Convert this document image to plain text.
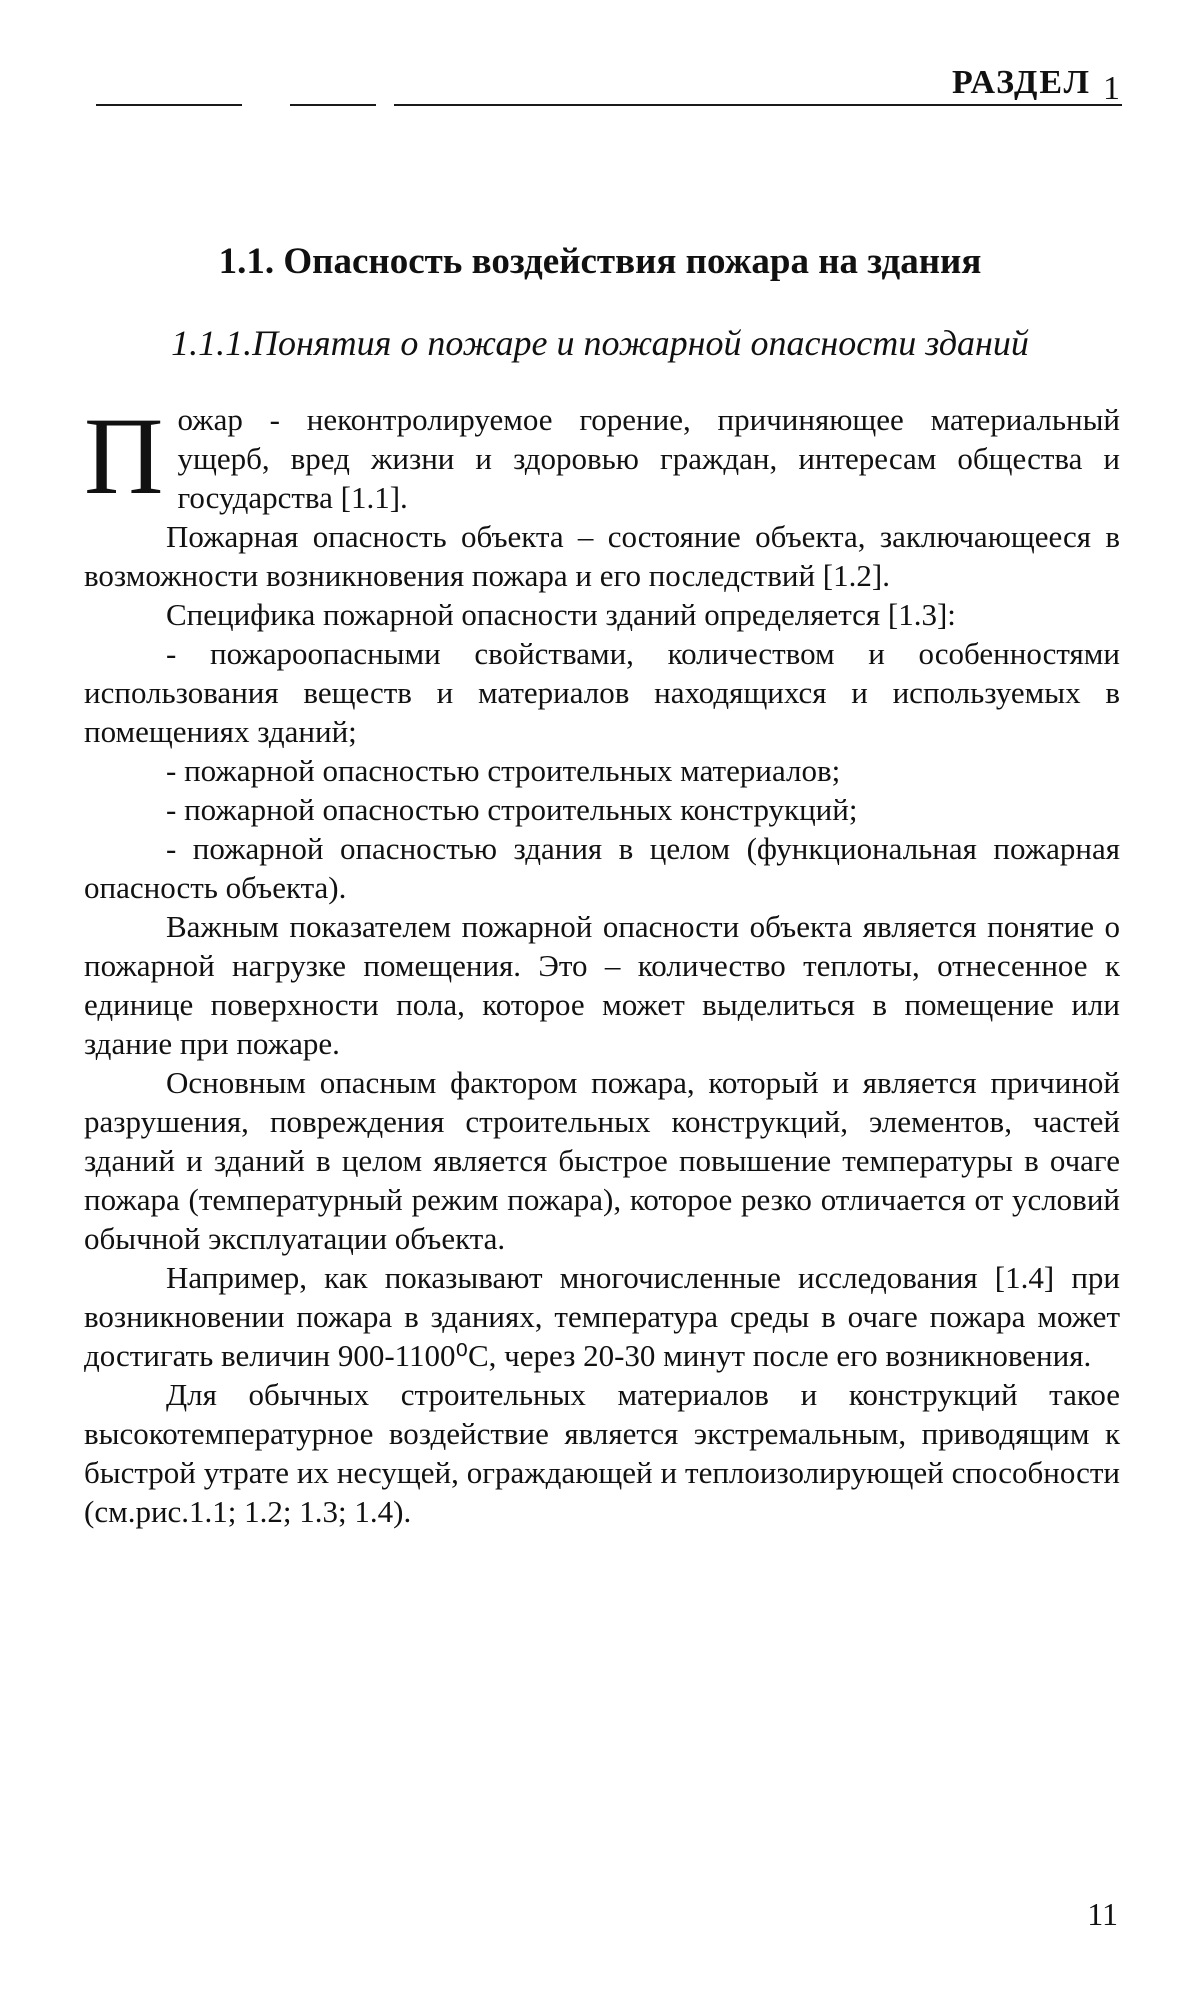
РАЗДЕЛ 1
1.1. Опасность воздействия пожара на здания
1.1.1.Понятия о пожаре и пожарной опасности зданий

Пожар - неконтролируемое горение, причиняющее материальный ущерб, вред жизни и здоровью граждан, интересам общества и государства [1.1].

Пожарная опасность объекта – состояние объекта, заключающееся в возможности возникновения пожара и его последствий [1.2].

Специфика пожарной опасности зданий определяется [1.3]:

- пожароопасными свойствами, количеством и особенностями использования веществ и материалов находящихся и используемых в помещениях зданий;

- пожарной опасностью строительных материалов;

- пожарной опасностью строительных конструкций;

- пожарной опасностью здания в целом (функциональная пожарная опасность объекта).

Важным показателем пожарной опасности объекта является понятие о пожарной нагрузке помещения. Это – количество теплоты, отнесенное к единице поверхности пола, которое может выделиться в помещение или здание при пожаре.

Основным опасным фактором пожара, который и является причиной разрушения, повреждения строительных конструкций, элементов, частей зданий и зданий в целом является быстрое повышение температуры в очаге пожара (температурный режим пожара), которое резко отличается от условий обычной эксплуатации объекта.

Например, как показывают многочисленные исследования [1.4] при возникновении пожара в зданиях, температура среды в очаге пожара может достигать величин 900-1100⁰С, через 20-30 минут после его возникновения.

Для обычных строительных материалов и конструкций такое высокотемпературное воздействие является экстремальным, приводящим к быстрой утрате их несущей, ограждающей и теплоизолирующей способности (см.рис.1.1; 1.2; 1.3; 1.4).

11
